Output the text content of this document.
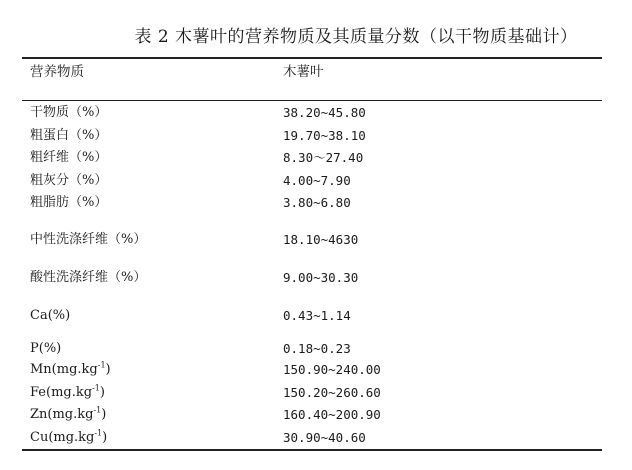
表 2 木薯叶的营养物质及其质量分数（以干物质基础计）
营养物质	木薯叶
干物质（%）	38.20~45.80
粗蛋白（%）	19.70~38.10
粗纤维（%）	8.30～27.40
粗灰分（%）	4.00~7.90
粗脂肪（%）	3.80~6.80
中性洗涤纤维（%）	18.10~4630
酸性洗涤纤维（%）	9.00~30.30
Ca(%)	0.43~1.14
P(%)	0.18~0.23
$Mn(mg.kg^{-1})$	150.90~240.00
$Fe(mg.kg^{-1})$	150.20~260.60
$Zn(mg.kg^{-1})$	160.40~200.90
$Cu(mg.kg^{-1})$	30.90~40.60
